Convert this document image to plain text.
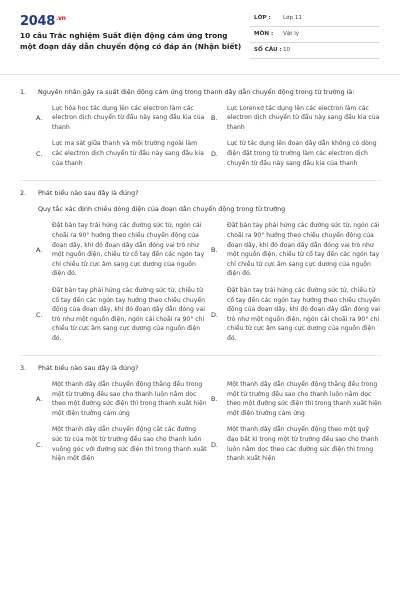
$2048^{.vn}$
10 câu Trắc nghiệm Suất điện động cảm ứng trong một đoạn dây dẫn chuyển động có đáp án (Nhận biết)
LỚP : Lớp 11
MÔN : Vật lý
SỐ CÂU : 10
1. Nguyên nhân gây ra suất điện động cảm ứng trong thanh dây dẫn chuyển động trong từ trường là:
A.
Lực hóa học tác dụng lên các electron làm các electron dịch chuyển từ đầu này sang đầu kia của thanh
B.
Lực Lorenxơ tác dụng lên các electron làm các electron dịch chuyển từ đầu này sang đầu kia của thanh
C.
Lực ma sát giữa thanh và môi trường ngoài làm các electron dịch chuyển từ đầu này sang đầu kia của thanh
D.
Lực từ tác dụng lên đoạn dây dẫn không có dòng điện đặt trong từ trường làm các electron dịch chuyển từ đầu này sang đầu kia của thanh
2. Phát biểu nào sau đây là đúng?
Quy tắc xác định chiều dòng điện của đoạn dẫn chuyển động trong từ trường
A.
Đặt bàn tay trái hứng các đường sức từ, ngón cái choãi ra 90° hướng theo chiều chuyển động của đoạn dây, khi đó đoạn dây dẫn đóng vai trò như một nguồn điện, chiều từ cổ tay đến các ngón tay chỉ chiều từ cực âm sang cực dương của nguồn điện đó.
B.
Đặt bàn tay phải hứng các đường sức từ, ngón cái choãi ra 90° hướng theo chiều chuyển động của đoạn dây, khi đó đoạn dây dẫn đóng vai trò như một nguồn điện, chiều từ cổ tay đến các ngón tay chỉ chiều từ cực âm sang cực dương của nguồn điện đó.
C.
Đặt bàn tay phải hứng các đường sức từ, chiều từ cổ tay đến các ngón tay hướng theo chiều chuyển động của đoạn dây, khi đó đoạn dây dẫn đóng vai trò như một nguồn điện, ngón cái choãi ra 90° chỉ chiều từ cực âm sang cực dương của nguồn điện đó.
D.
Đặt bàn tay trái hứng các đường sức từ, chiều từ cổ tay đến các ngón tay hướng theo chiều chuyển động của đoạn dây, khi đó đoạn dây dẫn đóng vai trò như một nguồn điện, ngón cái choãi ra 90° chỉ chiều từ cực âm sang cực dương của nguồn điện đó.
3. Phát biểu nào sau đây là đúng?
A.
Một thanh dây dẫn chuyển động thẳng đều trong một từ trường đều sao cho thanh luôn nằm dọc theo một đường sức điện thì trong thanh xuất hiện một điện trường cảm ứng
B.
Một thanh dây dẫn chuyển động thẳng đều trong một từ trường đều sao cho thanh luôn nằm dọc theo một đường sức điện thì trong thanh xuất hiện một điện trường cảm ứng
C.
Một thanh dây dẫn chuyển động cắt các đường sức từ của một từ trường đều sao cho thanh luôn vuông góc với đường sức điện thì trong thanh xuất hiện một điện
D.
Một thanh dây dẫn chuyển động theo một quỹ đạo bất kì trong một từ trường đều sao cho thanh luôn nằm dọc theo các đường sức điện thì trong thanh xuất hiện
